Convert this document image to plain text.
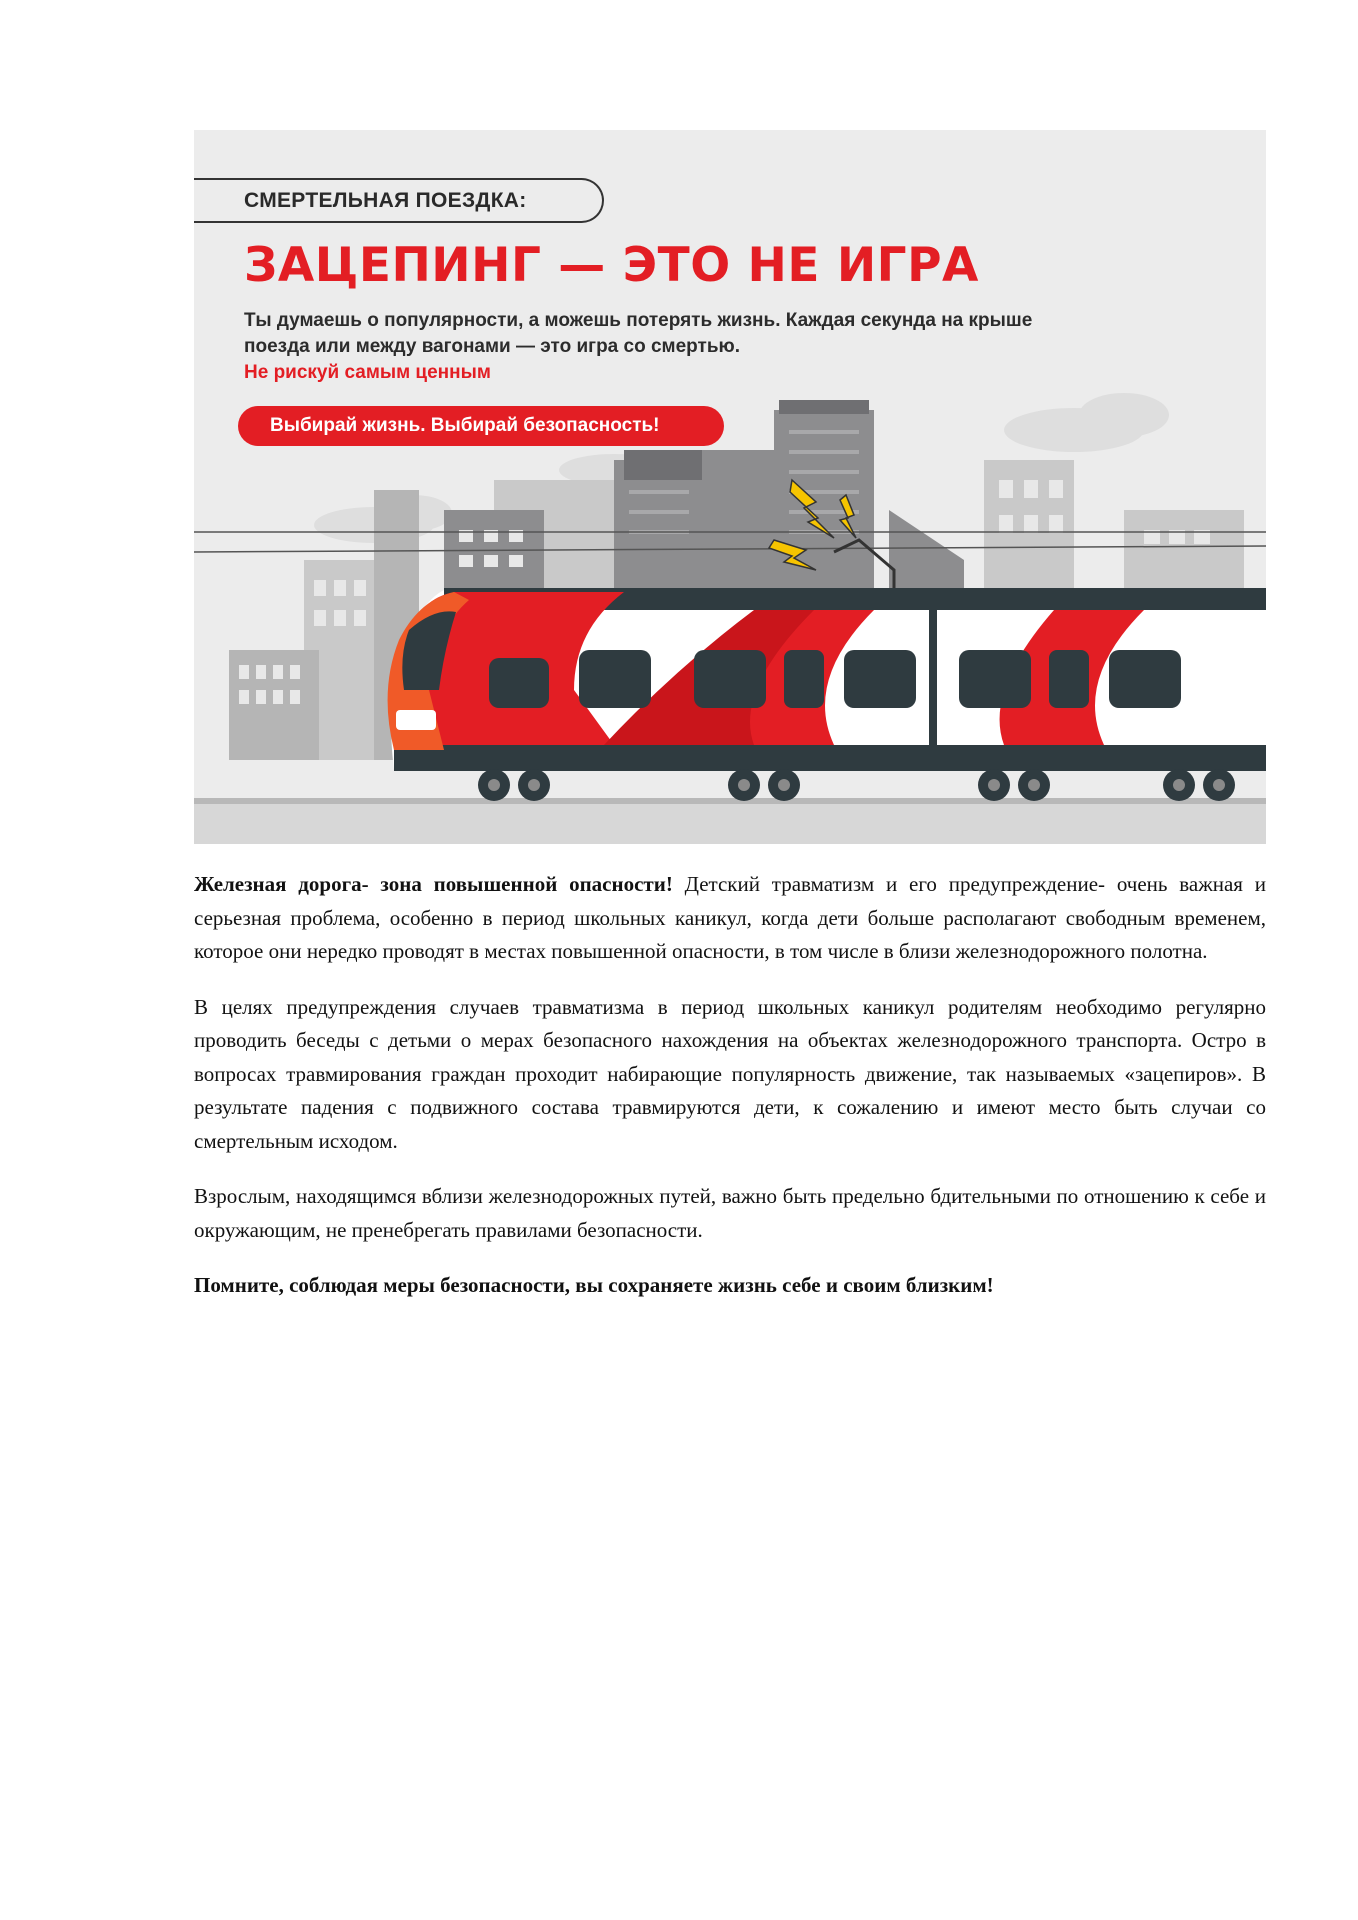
СМЕРТЕЛЬНАЯ ПОЕЗДКА:
ЗАЦЕПИНГ — ЭТО НЕ ИГРА
Ты думаешь о популярности, а можешь потерять жизнь. Каждая секунда на крыше поезда или между вагонами — это игра со смертью.
Не рискуй самым ценным
Выбирай жизнь. Выбирай безопасность!

Железная дорога- зона повышенной опасности! Детский травматизм и его предупреждение- очень важная и серьезная проблема, особенно в период школьных каникул, когда дети больше располагают свободным временем, которое они нередко проводят в местах повышенной опасности, в том числе в близи железнодорожного полотна.

В целях предупреждения случаев травматизма в период школьных каникул родителям необходимо регулярно проводить беседы с детьми о мерах безопасного нахождения на объектах железнодорожного транспорта. Остро в вопросах травмирования граждан проходит набирающие популярность движение, так называемых «зацепиров». В результате падения с подвижного состава травмируются дети, к сожалению и имеют место быть случаи со смертельным исходом.

Взрослым, находящимся вблизи железнодорожных путей, важно быть предельно бдительными по отношению к себе и окружающим, не пренебрегать правилами безопасности.

Помните, соблюдая меры безопасности, вы сохраняете жизнь себе и своим близким!
